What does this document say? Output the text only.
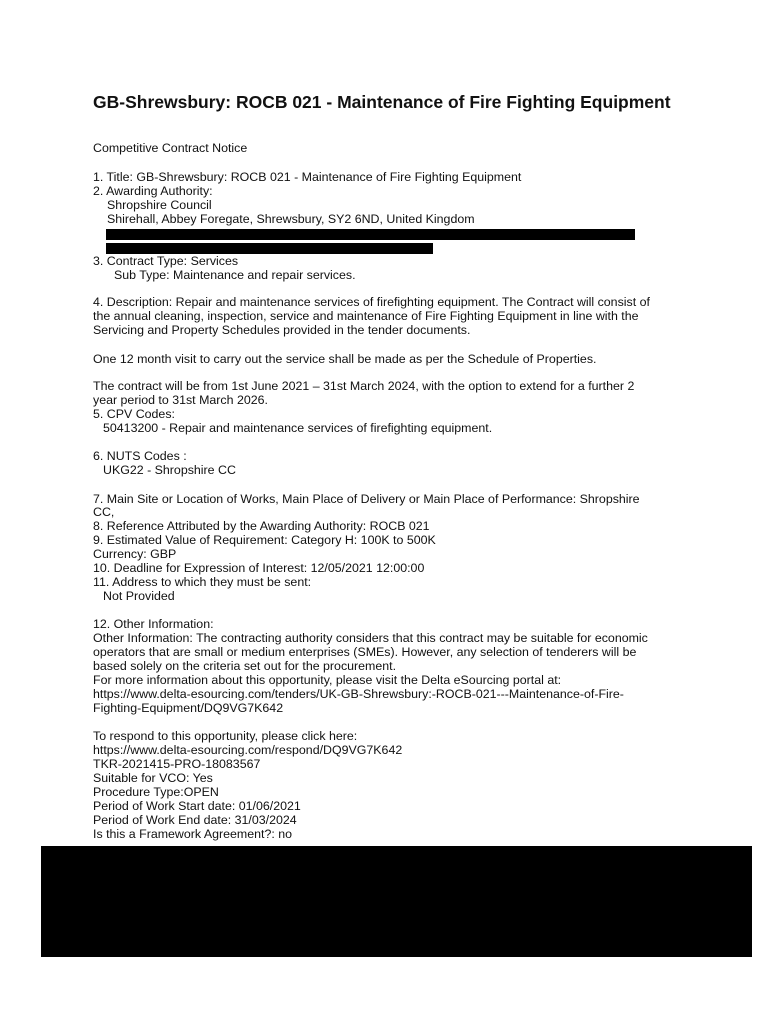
GB-Shrewsbury: ROCB 021 - Maintenance of Fire Fighting Equipment
Competitive Contract Notice
1. Title: GB-Shrewsbury: ROCB 021 - Maintenance of Fire Fighting Equipment
2. Awarding Authority:
Shropshire Council
Shirehall, Abbey Foregate, Shrewsbury, SY2 6ND, United Kingdom
3. Contract Type: Services
Sub Type: Maintenance and repair services.
4. Description: Repair and maintenance services of firefighting equipment. The Contract will consist of
the annual cleaning, inspection, service and maintenance of Fire Fighting Equipment in line with the
Servicing and Property Schedules provided in the tender documents.
One 12 month visit to carry out the service shall be made as per the Schedule of Properties.
The contract will be from 1st June 2021 – 31st March 2024, with the option to extend for a further 2
year period to 31st March 2026.
5. CPV Codes:
50413200 - Repair and maintenance services of firefighting equipment.
6. NUTS Codes :
UKG22 - Shropshire CC
7. Main Site or Location of Works, Main Place of Delivery or Main Place of Performance: Shropshire
CC,
8. Reference Attributed by the Awarding Authority: ROCB 021
9. Estimated Value of Requirement: Category H: 100K to 500K
Currency: GBP
10. Deadline for Expression of Interest: 12/05/2021 12:00:00
11. Address to which they must be sent:
Not Provided
12. Other Information:
Other Information: The contracting authority considers that this contract may be suitable for economic
operators that are small or medium enterprises (SMEs). However, any selection of tenderers will be
based solely on the criteria set out for the procurement.
For more information about this opportunity, please visit the Delta eSourcing portal at:
https://www.delta-esourcing.com/tenders/UK-GB-Shrewsbury:-ROCB-021---Maintenance-of-Fire-
Fighting-Equipment/DQ9VG7K642
To respond to this opportunity, please click here:
https://www.delta-esourcing.com/respond/DQ9VG7K642
TKR-2021415-PRO-18083567
Suitable for VCO: Yes
Procedure Type:OPEN
Period of Work Start date: 01/06/2021
Period of Work End date: 31/03/2024
Is this a Framework Agreement?: no
